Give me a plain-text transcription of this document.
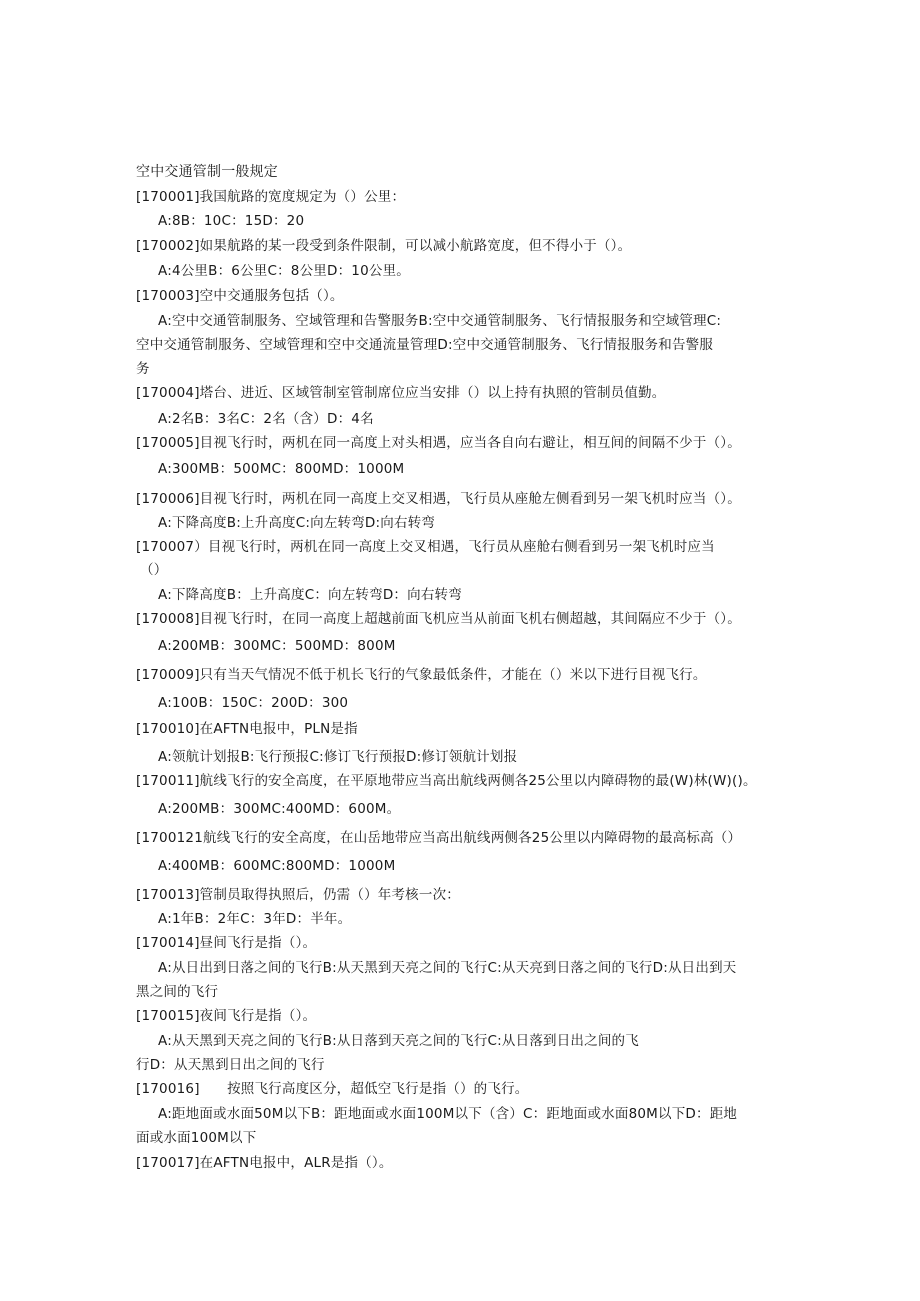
空中交通管制一般规定
[170001]我国航路的宽度规定为（）公里：
A:8B：10C：15D：20
[170002]如果航路的某一段受到条件限制，可以减小航路宽度，但不得小于（）。
A:4公里B：6公里C：8公里D：10公里。
[170003]空中交通服务包括（）。
A:空中交通管制服务、空域管理和告警服务B:空中交通管制服务、飞行情报服务和空域管理C:
空中交通管制服务、空域管理和空中交通流量管理D:空中交通管制服务、飞行情报服务和告警服
务
[170004]塔台、进近、区域管制室管制席位应当安排（）以上持有执照的管制员值勤。
A:2名B：3名C：2名（含）D：4名
[170005]目视飞行时，两机在同一高度上对头相遇，应当各自向右避让，相互间的间隔不少于（）。
A:300MB：500MC：800MD：1000M
[170006]目视飞行时，两机在同一高度上交叉相遇，飞行员从座舱左侧看到另一架飞机时应当（）。
A:下降高度B:上升高度C:向左转弯D:向右转弯
[170007）目视飞行时，两机在同一高度上交叉相遇，飞行员从座舱右侧看到另一架飞机时应当
（）
A:下降高度B：上升高度C：向左转弯D：向右转弯
[170008]目视飞行时，在同一高度上超越前面飞机应当从前面飞机右侧超越，其间隔应不少于（）。
A:200MB：300MC：500MD：800M
[170009]只有当天气情况不低于机长飞行的气象最低条件，才能在（）米以下进行目视飞行。
A:100B：150C：200D：300
[170010]在AFTN电报中，PLN是指
A:领航计划报B:飞行预报C:修订飞行预报D:修订领航计划报
[170011]航线飞行的安全高度，在平原地带应当高出航线两侧各25公里以内障碍物的最(W)林(W)()。
A:200MB：300MC:400MD：600M。
[1700121航线飞行的安全高度，在山岳地带应当高出航线两侧各25公里以内障碍物的最高标高（）
A:400MB：600MC:800MD：1000M
[170013]管制员取得执照后，仍需（）年考核一次：
A:1年B：2年C：3年D：半年。
[170014]昼间飞行是指（）。
A:从日出到日落之间的飞行B:从天黑到天亮之间的飞行C:从天亮到日落之间的飞行D:从日出到天
黑之间的飞行
[170015]夜间飞行是指（）。
A:从天黑到天亮之间的飞行B:从日落到天亮之间的飞行C:从日落到日出之间的飞
行D：从天黑到日出之间的飞行
[170016]　　按照飞行高度区分，超低空飞行是指（）的飞行。
A:距地面或水面50M以下B：距地面或水面100M以下（含）C：距地面或水面80M以下D：距地
面或水面100M以下
[170017]在AFTN电报中，ALR是指（）。
